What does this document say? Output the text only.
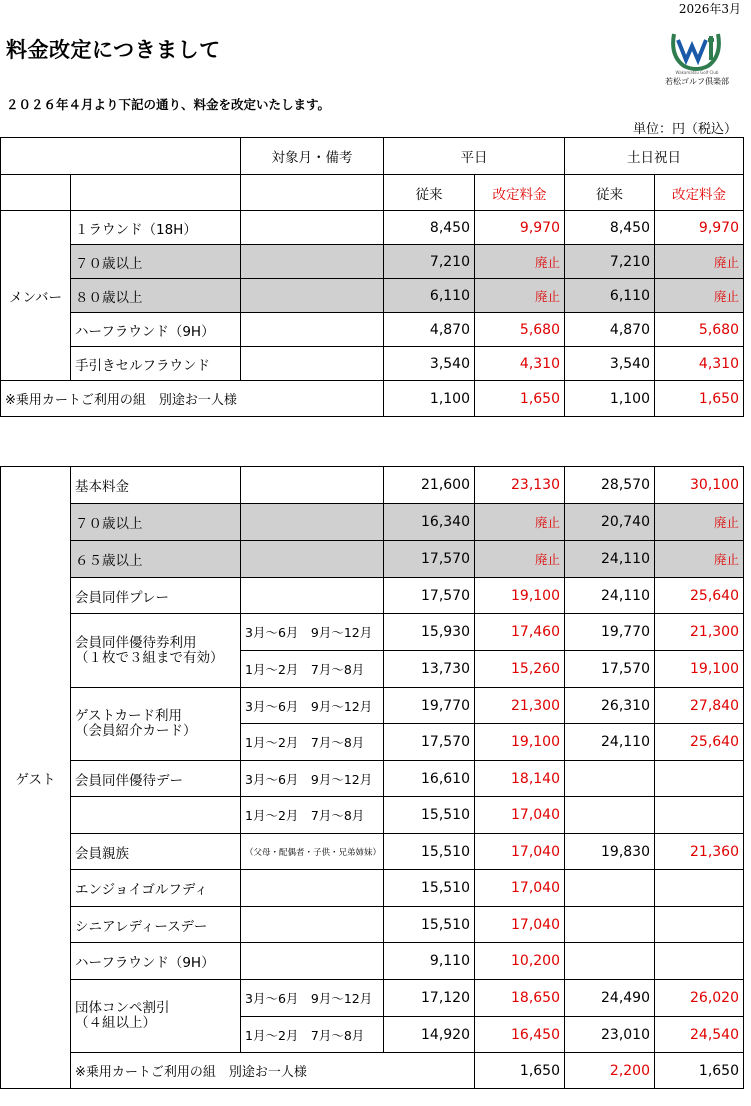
2026年3月
料金改定につきまして
２０２６年４月より下記の通り、料金を改定いたします。
単位：円（税込）
Wakamatsu Golf Club
若松ゴルフ倶楽部
		対象月・備考	平日		土日祝日	
			従来	改定料金	従来	改定料金
メンバー	１ラウンド（18H）		8,450	9,970	8,450	9,970
	７０歳以上		7,210	廃止	7,210	廃止
	８０歳以上		6,110	廃止	6,110	廃止
	ハーフラウンド（9H）		4,870	5,680	4,870	5,680
	手引きセルフラウンド		3,540	4,310	3,540	4,310
※乗用カートご利用の組　別途お一人様			1,100	1,650	1,100	1,650
ゲスト	基本料金		21,600	23,130	28,570	30,100	
	７０歳以上		16,340	廃止	20,740	廃止	
	６５歳以上		17,570	廃止	24,110	廃止	
	会員同伴プレー		17,570	19,100	24,110	25,640	

	会員同伴優待券利用
（１枚で３組まで有効）	3月～6月　9月～12月	15,930	17,460	19,770	21,300	
		1月～2月　7月～8月	13,730	15,260	17,570	19,100	

	ゲストカード利用
（会員紹介カード）	3月～6月　9月～12月	19,770	21,300	26,310	27,840	
		1月～2月　7月～8月	17,570	19,100	24,110	25,640	
	会員同伴優待デー	3月～6月　9月～12月	16,610	18,140			
		1月～2月　7月～8月	15,510	17,040			
	会員親族	（父母・配偶者・子供・兄弟姉妹）	15,510	17,040	19,830	21,360	
	エンジョイゴルフディ		15,510	17,040			
	シニアレディースデー		15,510	17,040			
	ハーフラウンド（9H）		9,110	10,200			

	団体コンペ割引
（４組以上）	3月～6月　9月～12月	17,120	18,650	24,490	26,020	
		1月～2月　7月～8月	14,920	16,450	23,010	24,540	
	※乗用カートご利用の組　別途お一人様			1,650	2,200	1,650	
